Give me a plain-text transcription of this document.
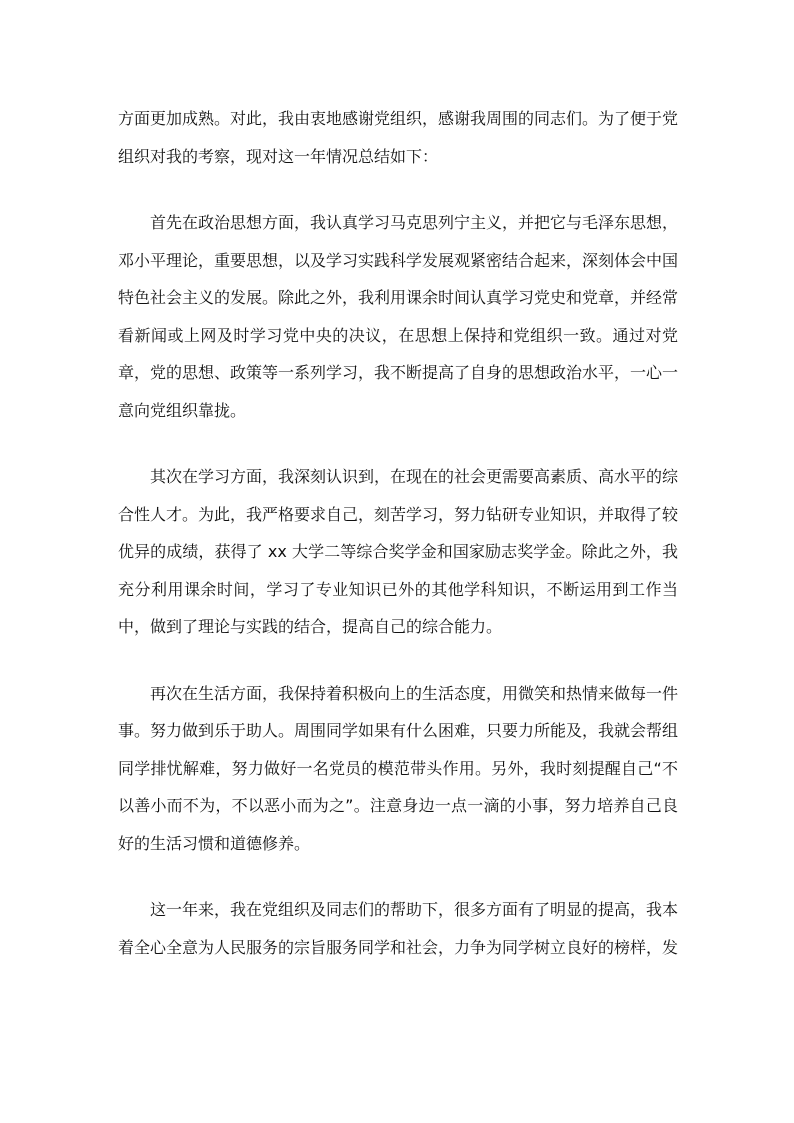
方面更加成熟。对此，我由衷地感谢党组织，感谢我周围的同志们。为了便于党组织对我的考察，现对这一年情况总结如下：

首先在政治思想方面，我认真学习马克思列宁主义，并把它与毛泽东思想，邓小平理论，重要思想，以及学习实践科学发展观紧密结合起来，深刻体会中国特色社会主义的发展。除此之外，我利用课余时间认真学习党史和党章，并经常看新闻或上网及时学习党中央的决议，在思想上保持和党组织一致。通过对党章，党的思想、政策等一系列学习，我不断提高了自身的思想政治水平，一心一意向党组织靠拢。

其次在学习方面，我深刻认识到，在现在的社会更需要高素质、高水平的综合性人才。为此，我严格要求自己，刻苦学习，努力钻研专业知识，并取得了较优异的成绩，获得了 xx 大学二等综合奖学金和国家励志奖学金。除此之外，我充分利用课余时间，学习了专业知识已外的其他学科知识，不断运用到工作当中，做到了理论与实践的结合，提高自己的综合能力。

再次在生活方面，我保持着积极向上的生活态度，用微笑和热情来做每一件事。努力做到乐于助人。周围同学如果有什么困难，只要力所能及，我就会帮组同学排忧解难，努力做好一名党员的模范带头作用。另外，我时刻提醒自己“不以善小而不为，不以恶小而为之”。注意身边一点一滴的小事，努力培养自己良好的生活习惯和道德修养。

这一年来，我在党组织及同志们的帮助下，很多方面有了明显的提高，我本着全心全意为人民服务的宗旨服务同学和社会，力争为同学树立良好的榜样，发
